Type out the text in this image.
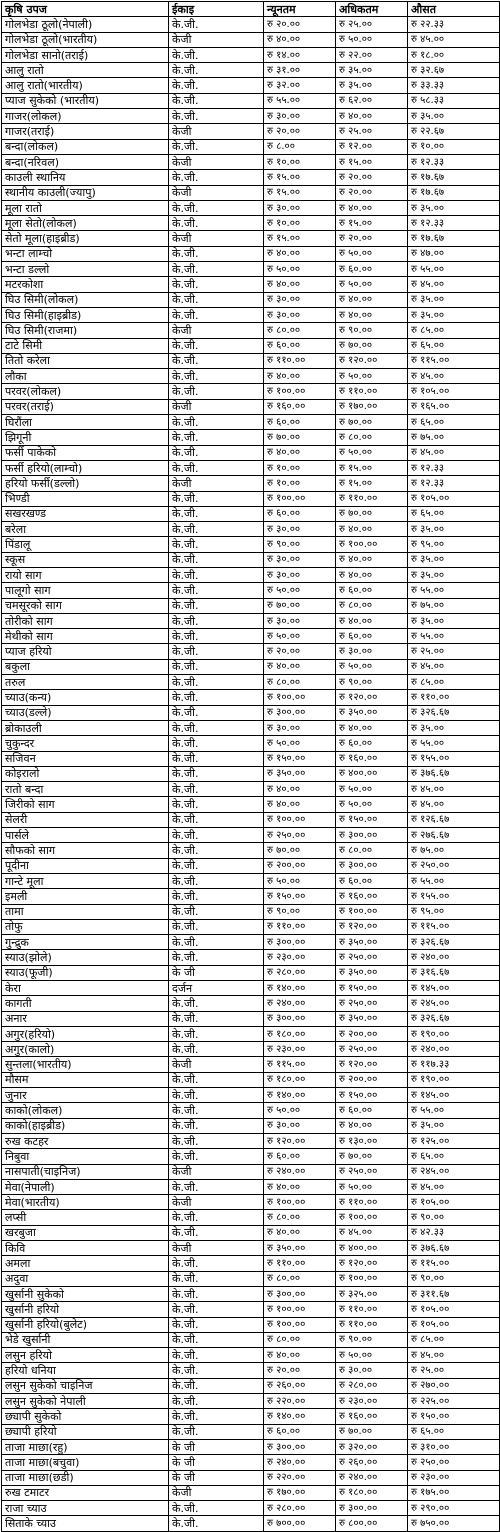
कृषि उपज	ईकाइ	न्यूनतम	अधिकतम	औसत
गोलभेडा ठूलो(नेपाली)	के.जी.	रु २०.००	रु २५.००	रु २२.३३
गोलभेडा ठूलो(भारतीय)	केजी	रु ४०.००	रु ५०.००	रु ४५.००
गोलभेडा सानो(तराई)	के.जी.	रु १४.००	रु २२.००	रु १८.००
आलु रातो	के.जी.	रु ३१.००	रु ३५.००	रु ३२.६७
आलु रातो(भारतीय)	के.जी.	रु ३२.००	रु ३५.००	रु ३३.३३
प्याज सुकेको (भारतीय)	के.जी.	रु ५५.००	रु ६२.००	रु ५८.३३
गाजर(लोकल)	के.जी.	रु ३०.००	रु ४०.००	रु ३५.००
गाजर(तराई)	केजी	रु २०.००	रु २५.००	रु २२.६७
बन्दा(लोकल)	के.जी.	रु ८.००	रु १२.००	रु १०.००
बन्दा(नरिवल)	केजी	रु १०.००	रु १५.००	रु १२.३३
काउली स्थानिय	के.जी.	रु १५.००	रु २०.००	रु १७.६७
स्थानीय काउली(ज्यापु)	केजी	रु १५.००	रु २०.००	रु १७.६७
मूला रातो	के.जी.	रु ३०.००	रु ४०.००	रु ३५.००
मूला सेतो(लोकल)	के.जी.	रु १०.००	रु १५.००	रु १२.३३
सेतो मूला(हाइब्रीड)	केजी	रु १५.००	रु २०.००	रु १७.६७
भन्टा लाम्चो	के.जी.	रु ४०.००	रु ५०.००	रु ४७.००
भन्टा डल्लो	के.जी.	रु ५०.००	रु ६०.००	रु ५५.००
मटरकोशा	के.जी.	रु ४०.००	रु ५०.००	रु ४५.००
घिउ सिमी(लोकल)	के.जी.	रु ३०.००	रु ४०.००	रु ३५.००
घिउ सिमी(हाइब्रीड)	के.जी.	रु ३०.००	रु ४०.००	रु ३५.००
घिउ सिमी(राजमा)	केजी	रु ८०.००	रु ९०.००	रु ८५.००
टाटे सिमी	के.जी.	रु ६०.००	रु ७०.००	रु ६५.००
तितो करेला	के.जी.	रु ११०.००	रु १२०.००	रु ११५.००
लौका	के.जी.	रु ४०.००	रु ५०.००	रु ४५.००
परवर(लोकल)	के.जी.	रु १००.००	रु ११०.००	रु १०५.००
परवर(तराई)	केजी	रु १६०.००	रु १७०.००	रु १६५.००
घिरौंला	के.जी.	रु ६०.००	रु ७०.००	रु ६५.००
झिगूनी	के.जी.	रु ७०.००	रु ८०.००	रु ७५.००
फर्सी पाकेको	के.जी.	रु ४०.००	रु ५०.००	रु ४५.००
फर्सी हरियो(लाम्चो)	के.जी.	रु १०.००	रु १५.००	रु १२.३३
हरियो फर्सी(डल्लो)	केजी	रु १०.००	रु १५.००	रु १२.३३
भिण्डी	के.जी.	रु १००.००	रु ११०.००	रु १०५.००
सखरखण्ड	के.जी.	रु ६०.००	रु ७०.००	रु ६५.००
बरेला	के.जी.	रु ३०.००	रु ४०.००	रु ३५.००
पिंडालू	के.जी.	रु ९०.००	रु १००.००	रु ९५.००
स्कूस	के.जी.	रु ३०.००	रु ४०.००	रु ३५.००
रायो साग	के.जी.	रु ३०.००	रु ४०.००	रु ३५.००
पालूगो साग	के.जी.	रु ५०.००	रु ६०.००	रु ५५.००
चमसूरको साग	के.जी.	रु ७०.००	रु ८०.००	रु ७५.००
तोरीको साग	के.जी.	रु ३०.००	रु ४०.००	रु ३५.००
मेथीको साग	के.जी.	रु ५०.००	रु ६०.००	रु ५५.००
प्याज हरियो	के.जी.	रु २०.००	रु ३०.००	रु २५.००
बकुला	के.जी.	रु ४०.००	रु ५०.००	रु ४५.००
तरुल	के.जी.	रु ८०.००	रु ९०.००	रु ८५.००
च्याउ(कन्य)	के.जी.	रु १००.००	रु १२०.००	रु ११०.००
च्याउ(डल्ले)	के.जी.	रु ३००.००	रु ३५०.००	रु ३२६.६७
ब्रोकाउली	के.जी.	रु ३०.००	रु ४०.००	रु ३५.००
चुकुन्दर	के.जी.	रु ५०.००	रु ६०.००	रु ५५.००
सजिवन	के.जी.	रु १५०.००	रु १६०.००	रु १५५.००
कोइरालो	के.जी.	रु ३५०.००	रु ४००.००	रु ३७६.६७
रातो बन्दा	के.जी.	रु ४०.००	रु ५०.००	रु ४५.००
जिरीको साग	के.जी.	रु ४०.००	रु ५०.००	रु ४५.००
सेलरी	के.जी.	रु १००.००	रु १५०.००	रु १२६.६७
पार्सले	के.जी.	रु २५०.००	रु ३००.००	रु २७६.६७
सौफको साग	के.जी.	रु ७०.००	रु ८०.००	रु ७५.००
पूदीना	के.जी.	रु २००.००	रु ३००.००	रु २५०.००
गान्टे मूला	के.जी.	रु ५०.००	रु ६०.००	रु ५५.००
इमली	के.जी.	रु १५०.००	रु १६०.००	रु १५५.००
तामा	के.जी.	रु ९०.००	रु १००.००	रु ९५.००
तोफु	के.जी.	रु ११०.००	रु १२०.००	रु ११५.००
गुन्द्रुक	के.जी.	रु ३००.००	रु ३५०.००	रु ३२६.६७
स्याउ(झोले)	के.जी.	रु २३०.००	रु २५०.००	रु २४०.००
स्याउ(फूजी)	के जी	रु २८०.००	रु ३५०.००	रु ३१६.६७
केरा	दर्जन	रु १४०.००	रु १५०.००	रु १४५.००
कागती	के.जी.	रु २४०.००	रु २५०.००	रु २४५.००
अनार	के.जी.	रु ३००.००	रु ३५०.००	रु ३२६.६७
अगुर(हरियो)	के.जी.	रु १८०.००	रु २००.००	रु १९०.००
अगुर(कालो)	के.जी.	रु २३०.००	रु २५०.००	रु २४०.००
सुन्तला(भारतीय)	केजी	रु ११५.००	रु १२०.००	रु ११७.३३
मौसम	के.जी.	रु १८०.००	रु २००.००	रु १९०.००
जुनार	के.जी.	रु १४०.००	रु १५०.००	रु १४५.००
काको(लोकल)	के.जी.	रु ५०.००	रु ६०.००	रु ५५.००
काको(हाइब्रीड)	के.जी.	रु ३०.००	रु ४०.००	रु ३५.००
रुख कटहर	के.जी.	रु १२०.००	रु १३०.००	रु १२५.००
निबुवा	के.जी.	रु ६०.००	रु ७०.००	रु ६५.००
नासपाती(चाइनिज)	केजी	रु २४०.००	रु २५०.००	रु २४५.००
मेवा(नेपाली)	के.जी.	रु ४०.००	रु ५०.००	रु ४५.००
मेवा(भारतीय)	केजी	रु १००.००	रु ११०.००	रु १०५.००
लप्सी	के.जी.	रु ८०.००	रु १००.००	रु ९०.००
खरबुजा	के.जी.	रु ४०.००	रु ४५.००	रु ४२.३३
किवि	केजी	रु ३५०.००	रु ४००.००	रु ३७६.६७
अमला	के.जी.	रु ११०.००	रु १२०.००	रु ११५.००
अदुवा	के.जी.	रु ८०.००	रु १००.००	रु ९०.००
खुर्सानी सुकेको	के.जी.	रु ३००.००	रु ३२५.००	रु ३११.६७
खुर्सानी हरियो	के.जी.	रु १००.००	रु ११०.००	रु १०५.००
खुर्सानी हरियो(बुलेट)	के.जी.	रु १००.००	रु ११०.००	रु १०५.००
भेडे खुर्सानी	के.जी.	रु ८०.००	रु ९०.००	रु ८५.००
लसुन हरियो	के.जी.	रु ४०.००	रु ५०.००	रु ४५.००
हरियो धनिया	के.जी.	रु २०.००	रु ३०.००	रु २५.००
लसुन सुकेको चाइनिज	के.जी.	रु २६०.००	रु २८०.००	रु २७०.००
लसुन सुकेको नेपाली	के.जी.	रु २२०.००	रु २३०.००	रु २२५.००
छ्यापी सुकेको	के.जी.	रु १४०.००	रु १६०.००	रु १५०.००
छ्यापी हरियो	के.जी.	रु ६०.००	रु ७०.००	रु ६५.००
ताजा माछा(रहु)	के जी	रु ३००.००	रु ३२०.००	रु ३१०.००
ताजा माछा(बचुवा)	के जी	रु २४०.००	रु २६०.००	रु २५०.००
ताजा माछा(छडी)	के जी	रु २२०.००	रु २४०.००	रु २३०.००
रुख टमाटर	केजी	रु १७०.००	रु १८०.००	रु १७५.००
राजा च्याउ	के.जी.	रु २८०.००	रु ३००.००	रु २९०.००
सिताके च्याउ	के.जी.	रु ७००.००	रु ८००.००	रु ७५०.००
